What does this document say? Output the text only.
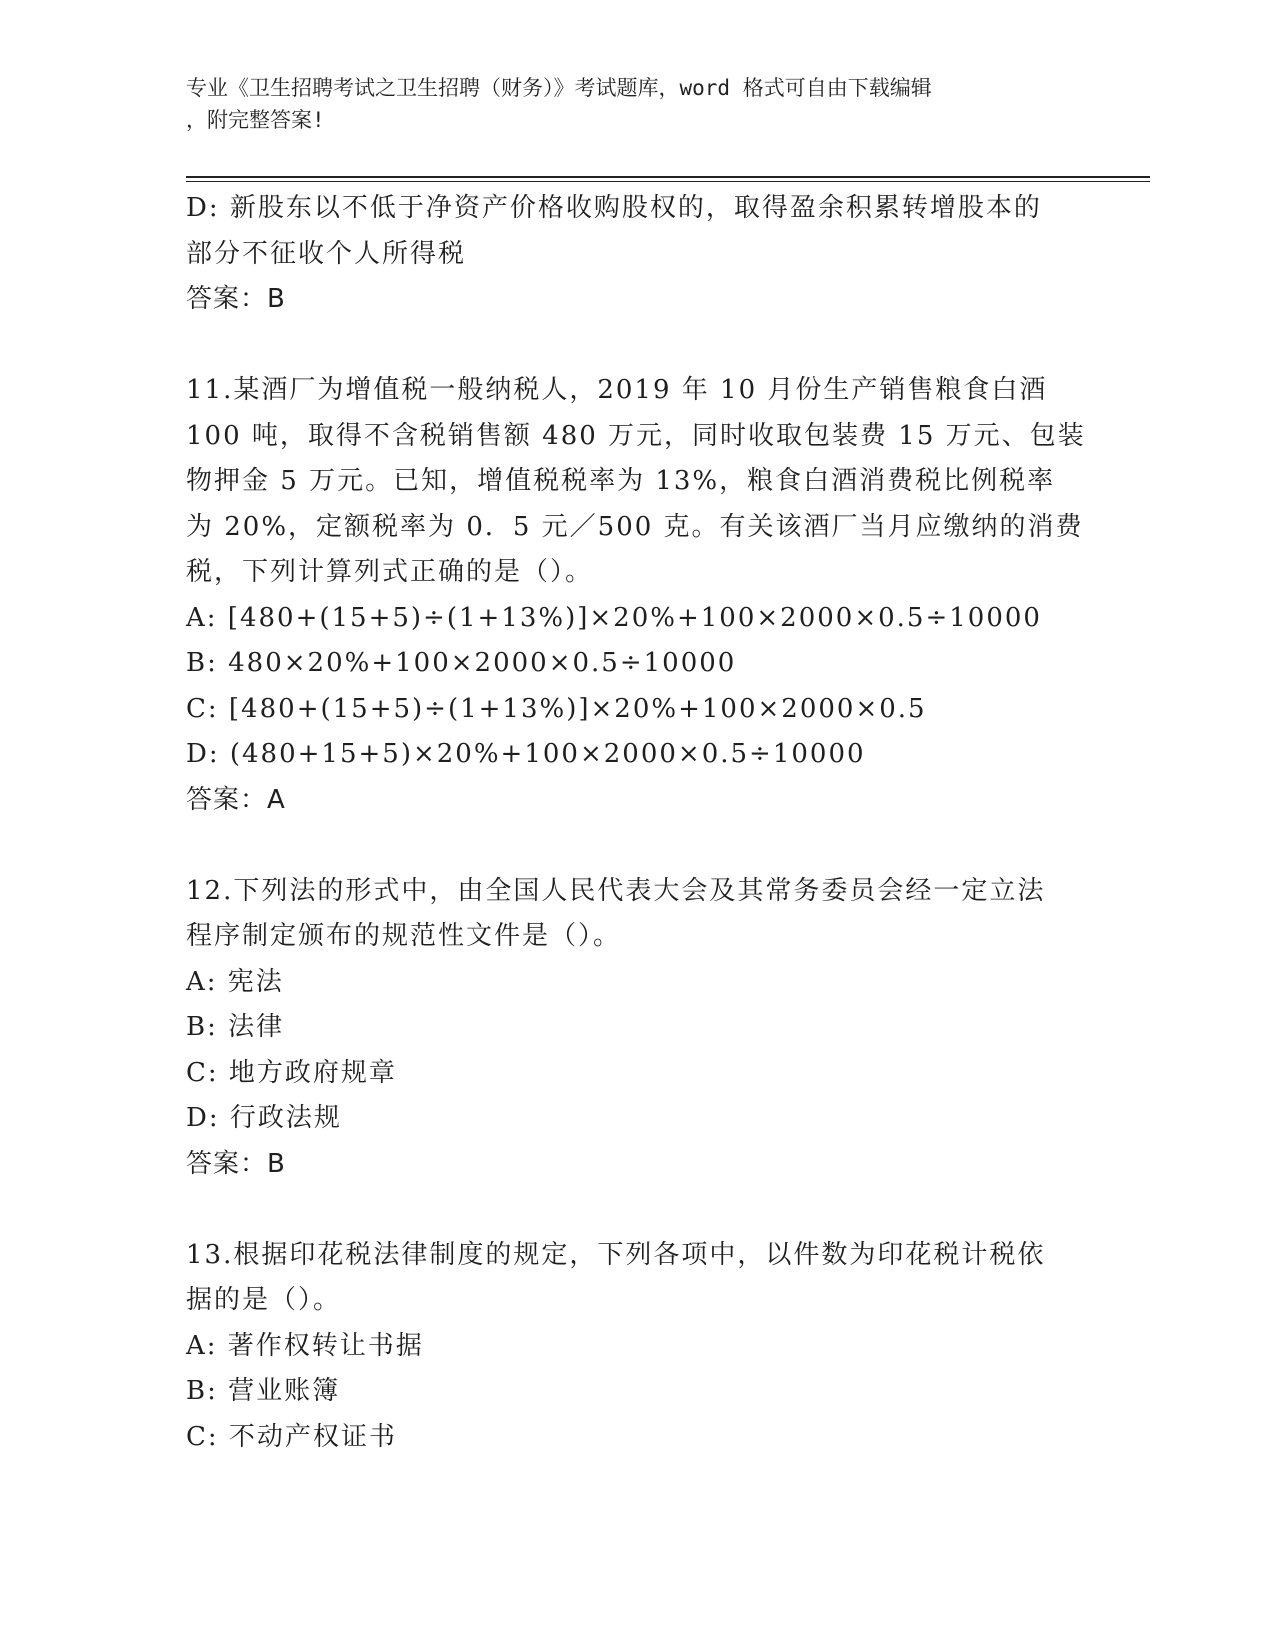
专业《卫生招聘考试之卫生招聘（财务）》考试题库，word 格式可自由下载编辑
，附完整答案!
D: 新股东以不低于净资产价格收购股权的，取得盈余积累转增股本的
部分不征收个人所得税
答案：B
11.某酒厂为增值税一般纳税人，2019 年 10 月份生产销售粮食白酒
100 吨，取得不含税销售额 480 万元，同时收取包装费 15 万元、包装
物押金 5 万元。已知，增值税税率为 13%，粮食白酒消费税比例税率
为 20%，定额税率为 0．5 元／500 克。有关该酒厂当月应缴纳的消费
税，下列计算列式正确的是（）。
A: [480+(15+5)÷(1+13%)]×20%+100×2000×0.5÷10000
B: 480×20%+100×2000×0.5÷10000
C: [480+(15+5)÷(1+13%)]×20%+100×2000×0.5
D: (480+15+5)×20%+100×2000×0.5÷10000
答案：A
12.下列法的形式中，由全国人民代表大会及其常务委员会经一定立法
程序制定颁布的规范性文件是（）。
A: 宪法
B: 法律
C: 地方政府规章
D: 行政法规
答案：B
13.根据印花税法律制度的规定，下列各项中，以件数为印花税计税依
据的是（）。
A: 著作权转让书据
B: 营业账簿
C: 不动产权证书
